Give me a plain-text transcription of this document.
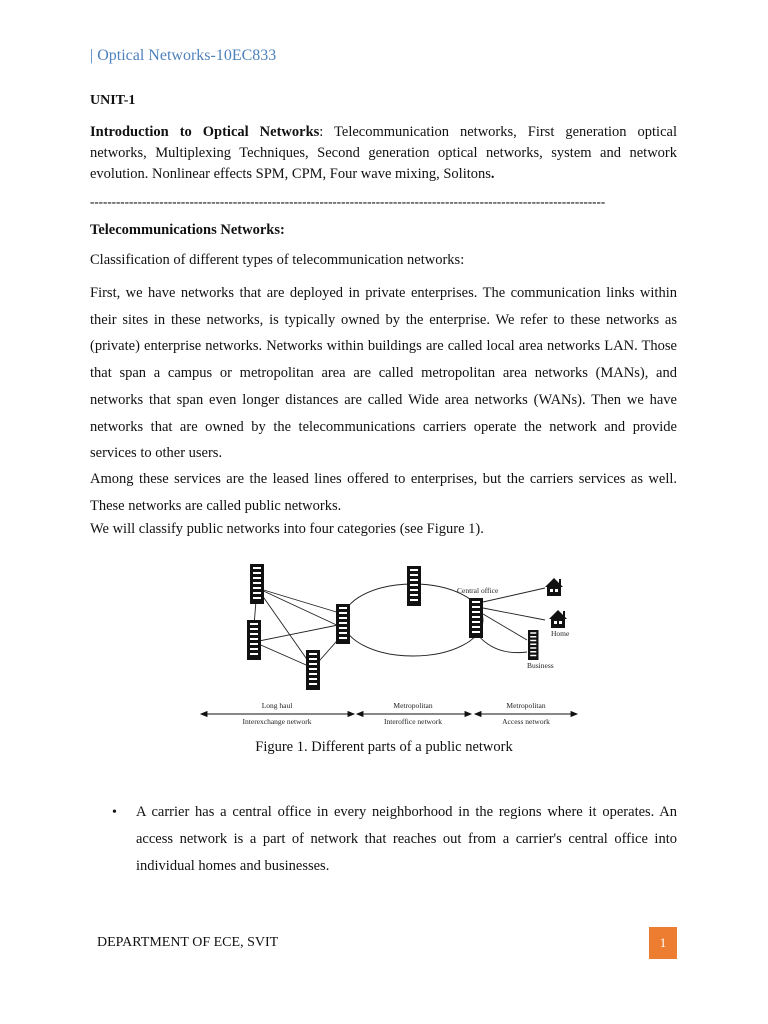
| Optical Networks-10EC833
UNIT-1
Introduction to Optical Networks: Telecommunication networks, First generation optical networks, Multiplexing Techniques, Second generation optical networks, system and network evolution. Nonlinear effects SPM, CPM, Four wave mixing, Solitons.
-----------------------------------------------------------------------------------------------------------------------
Telecommunications Networks:
Classification of different types of telecommunication networks:
First, we have networks that are deployed in private enterprises. The communication links within their sites in these networks, is typically owned by the enterprise. We refer to these networks as (private) enterprise networks. Networks within buildings are called local area networks LAN. Those that span a campus or metropolitan area are called metropolitan area networks (MANs), and networks that span even longer distances are called Wide area networks (WANs). Then we have networks that are owned by the telecommunications carriers operate the network and provide services to other users.
Among these services are the leased lines offered to enterprises, but the carriers services as well. These networks are called public networks.
We will classify public networks into four categories (see Figure 1).
Central office
Home
Business
Long haul
Interexchange network
Metropolitan
Interoffice network
Metropolitan
Access network
Figure 1. Different parts of a public network
• A carrier has a central office in every neighborhood in the regions where it operates. An access network is a part of network that reaches out from a carrier's central office into individual homes and businesses.
DEPARTMENT OF ECE, SVIT	1
